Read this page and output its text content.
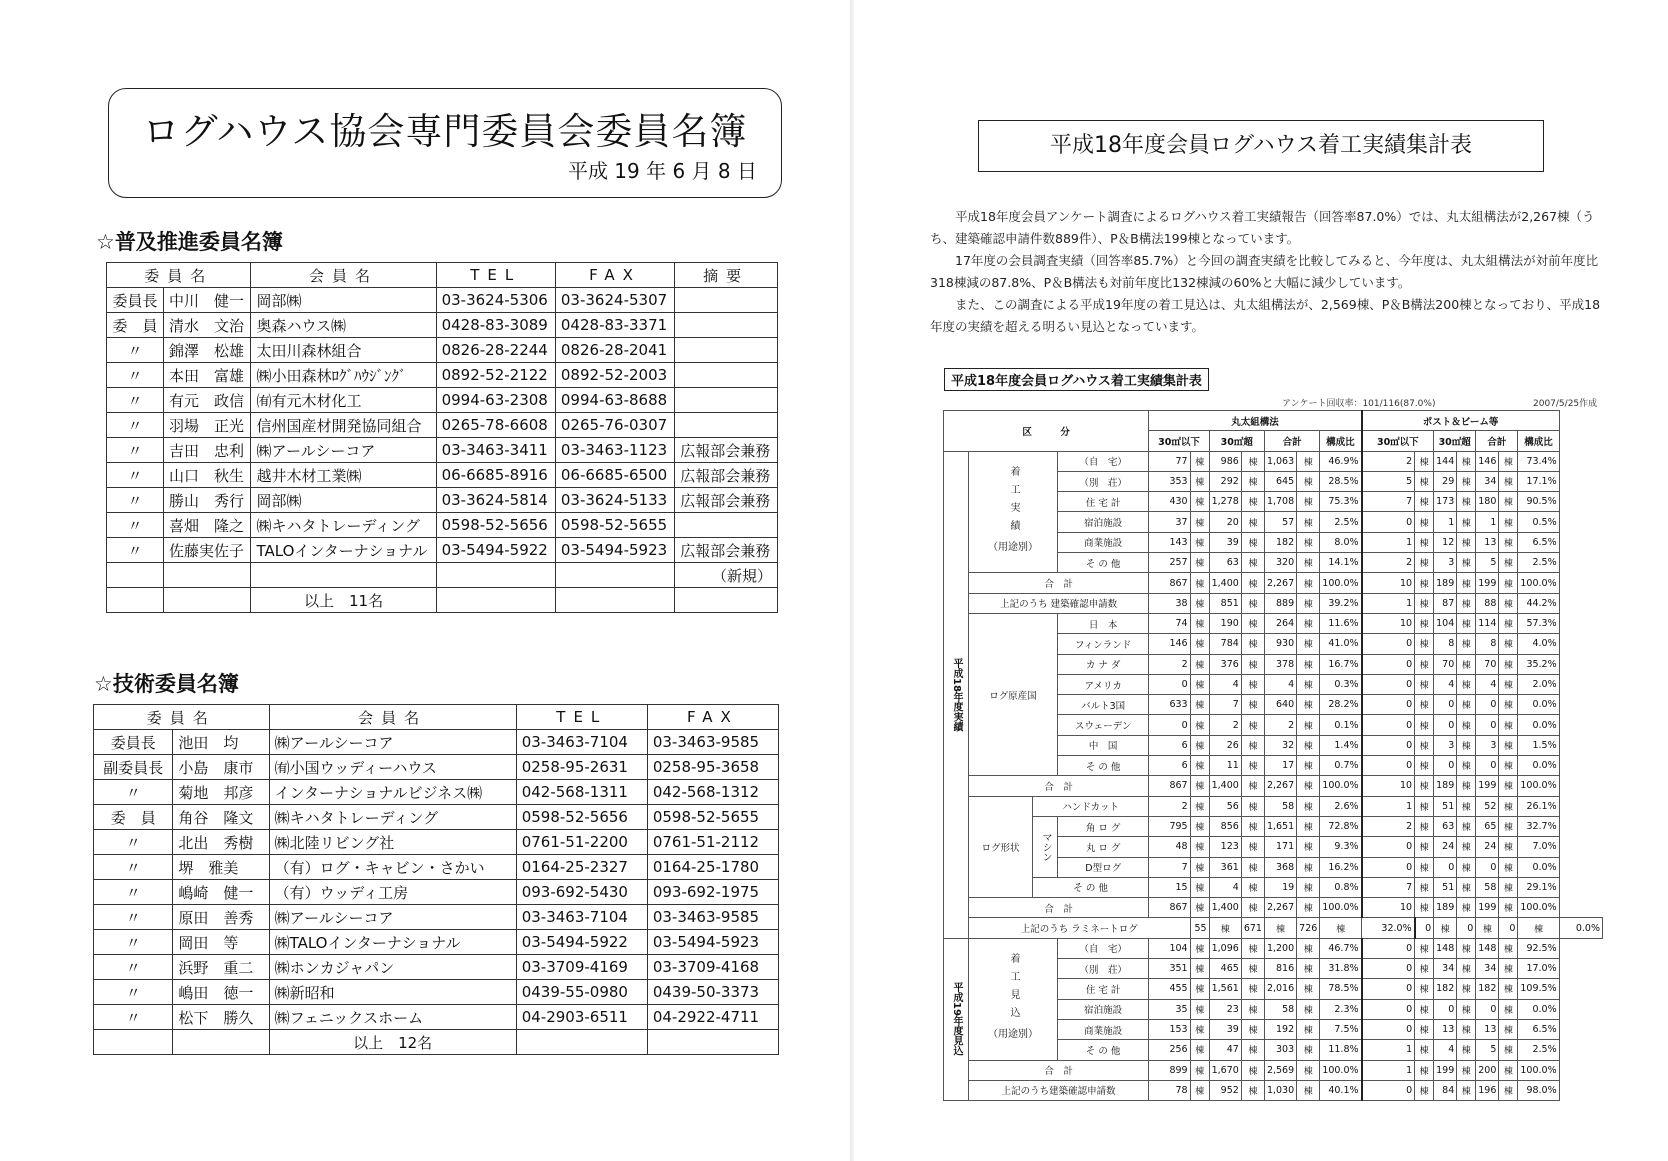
ログハウス協会専門委員会委員名簿
平成 19 年 6 月 8 日
☆普及推進委員名簿
委員名		会員名	TEL	FAX	摘要
委員長	中川　健一	岡部㈱	03-3624-5306	03-3624-5307	
委　員	清水　文治	奥森ハウス㈱	0428-83-3089	0428-83-3371	
〃	錦澤　松雄	太田川森林組合	0826-28-2244	0826-28-2041	
〃	本田　富雄	㈱小田森林ﾛｸﾞﾊｳｼﾞﾝｸﾞ	0892-52-2122	0892-52-2003	
〃	有元　政信	㈲有元木材化工	0994-63-2308	0994-63-8688	
〃	羽場　正光	信州国産材開発協同組合	0265-78-6608	0265-76-0307	
〃	吉田　忠利	㈱アールシーコア	03-3463-3411	03-3463-1123	広報部会兼務
〃	山口　秋生	越井木材工業㈱	06-6685-8916	06-6685-6500	広報部会兼務
〃	勝山　秀行	岡部㈱	03-3624-5814	03-3624-5133	広報部会兼務
〃	喜畑　隆之	㈱キハタトレーディング	0598-52-5656	0598-52-5655	
〃	佐藤実佐子	TALOインターナショナル	03-5494-5922	03-5494-5923	広報部会兼務
					（新規）
		以上　11名			
☆技術委員名簿
委員名		会員名	TEL	FAX
委員長	池田　均	㈱アールシーコア	03-3463-7104	03-3463-9585
副委員長	小島　康市	㈲小国ウッディーハウス	0258-95-2631	0258-95-3658
〃	菊地　邦彦	インターナショナルビジネス㈱	042-568-1311	042-568-1312
委　員	角谷　隆文	㈱キハタトレーディング	0598-52-5656	0598-52-5655
〃	北出　秀樹	㈱北陸リビング社	0761-51-2200	0761-51-2112
〃	堺　雅美	（有）ログ・キャビン・さかい	0164-25-2327	0164-25-1780
〃	嶋崎　健一	（有）ウッディ工房	093-692-5430	093-692-1975
〃	原田　善秀	㈱アールシーコア	03-3463-7104	03-3463-9585
〃	岡田　等	㈱TALOインターナショナル	03-5494-5922	03-5494-5923
〃	浜野　重二	㈱ホンカジャパン	03-3709-4169	03-3709-4168
〃	嶋田　徳一	㈱新昭和	0439-55-0980	0439-50-3373
〃	松下　勝久	㈱フェニックスホーム	04-2903-6511	04-2922-4711
		以上　12名		
平成18年度会員ログハウス着工実績集計表

平成18年度会員アンケート調査によるログハウス着工実績報告（回答率87.0%）では、丸太組構法が2,267棟（うち、建築確認申請件数889件）、P＆B構法199棟となっています。

17年度の会員調査実績（回答率85.7%）と今回の調査実績を比較してみると、今年度は、丸太組構法が対前年度比318棟減の87.8%、P＆B構法も対前年度比132棟減の60%と大幅に減少しています。

また、この調査による平成19年度の着工見込は、丸太組構法が、2,569棟、P＆B構法200棟となっており、平成18年度の実績を超える明るい見込となっています。

平成18年度会員ログハウス着工実績集計表
アンケート回収率：101/116(87.0%)	2007/5/25作成
区　　　分				丸太組構法							ポスト＆ビーム等							
				30㎡以下		30㎡超		合計		構成比	30㎡以下		30㎡超		合計		構成比	
平成18年度実績	着工実績
（用途別）		（自　宅）	77	棟	986	棟	1,063	棟	46.9%	2	棟	144	棟	146	棟	73.4%	
			（別　荘）	353	棟	292	棟	645	棟	28.5%	5	棟	29	棟	34	棟	17.1%	
			住 宅 計	430	棟	1,278	棟	1,708	棟	75.3%	7	棟	173	棟	180	棟	90.5%	
			宿泊施設	37	棟	20	棟	57	棟	2.5%	0	棟	1	棟	1	棟	0.5%	
			商業施設	143	棟	39	棟	182	棟	8.0%	1	棟	12	棟	13	棟	6.5%	
			そ の 他	257	棟	63	棟	320	棟	14.1%	2	棟	3	棟	5	棟	2.5%	
	合　計			867	棟	1,400	棟	2,267	棟	100.0%	10	棟	189	棟	199	棟	100.0%	
	上記のうち 建築確認申請数			38	棟	851	棟	889	棟	39.2%	1	棟	87	棟	88	棟	44.2%	
	ログ原産国		日　本	74	棟	190	棟	264	棟	11.6%	10	棟	104	棟	114	棟	57.3%	
			フィンランド	146	棟	784	棟	930	棟	41.0%	0	棟	8	棟	8	棟	4.0%	
			カ ナ ダ	2	棟	376	棟	378	棟	16.7%	0	棟	70	棟	70	棟	35.2%	
			アメリカ	0	棟	4	棟	4	棟	0.3%	0	棟	4	棟	4	棟	2.0%	
			バルト3国	633	棟	7	棟	640	棟	28.2%	0	棟	0	棟	0	棟	0.0%	
			スウェーデン	0	棟	2	棟	2	棟	0.1%	0	棟	0	棟	0	棟	0.0%	
			中　国	6	棟	26	棟	32	棟	1.4%	0	棟	3	棟	3	棟	1.5%	
			そ の 他	6	棟	11	棟	17	棟	0.7%	0	棟	0	棟	0	棟	0.0%	
	合　計			867	棟	1,400	棟	2,267	棟	100.0%	10	棟	189	棟	199	棟	100.0%	
	ログ形状	ハンドカット		2	棟	56	棟	58	棟	2.6%	1	棟	51	棟	52	棟	26.1%	
		マシン	角 ロ グ	795	棟	856	棟	1,651	棟	72.8%	2	棟	63	棟	65	棟	32.7%	
			丸 ロ グ	48	棟	123	棟	171	棟	9.3%	0	棟	24	棟	24	棟	7.0%	
			D型ログ	7	棟	361	棟	368	棟	16.2%	0	棟	0	棟	0	棟	0.0%	
		そ の 他		15	棟	4	棟	19	棟	0.8%	7	棟	51	棟	58	棟	29.1%	
	合　計			867	棟	1,400	棟	2,267	棟	100.0%	10	棟	189	棟	199	棟	100.0%	
	上記のうち ラミネートログ				55	棟	671	棟	726	棟	32.0%	0	棟	0	棟	0	棟	0.0%
平成19年度見込	着工見込
（用途別）		（自　宅）	104	棟	1,096	棟	1,200	棟	46.7%	0	棟	148	棟	148	棟	92.5%	
			（別　荘）	351	棟	465	棟	816	棟	31.8%	0	棟	34	棟	34	棟	17.0%	
			住 宅 計	455	棟	1,561	棟	2,016	棟	78.5%	0	棟	182	棟	182	棟	109.5%	
			宿泊施設	35	棟	23	棟	58	棟	2.3%	0	棟	0	棟	0	棟	0.0%	
			商業施設	153	棟	39	棟	192	棟	7.5%	0	棟	13	棟	13	棟	6.5%	
			そ の 他	256	棟	47	棟	303	棟	11.8%	1	棟	4	棟	5	棟	2.5%	
	合　計			899	棟	1,670	棟	2,569	棟	100.0%	1	棟	199	棟	200	棟	100.0%	
	上記のうち建築確認申請数			78	棟	952	棟	1,030	棟	40.1%	0	棟	84	棟	196	棟	98.0%	
